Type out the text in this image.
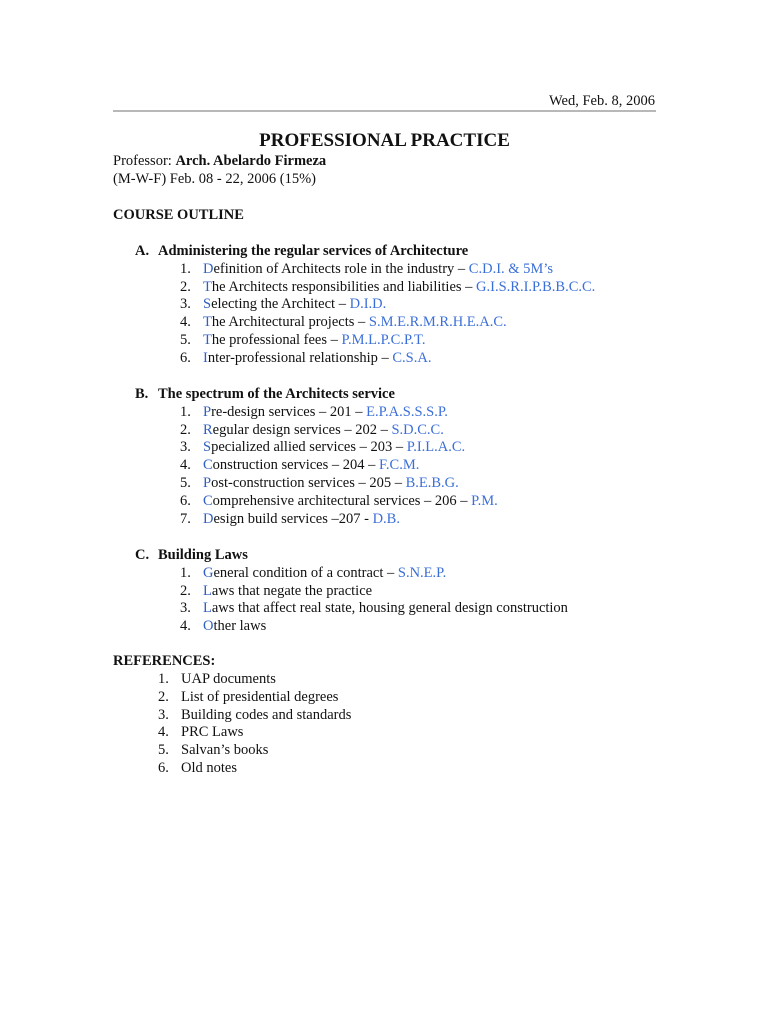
Wed, Feb. 8, 2006
PROFESSIONAL PRACTICE
Professor: Arch. Abelardo Firmeza
(M-W-F) Feb. 08 - 22, 2006 (15%)
COURSE OUTLINE
A. Administering the regular services of Architecture
1. Definition of Architects role in the industry – C.D.I. & 5M’s
2. The Architects responsibilities and liabilities – G.I.S.R.I.P.B.B.C.C.
3. Selecting the Architect – D.I.D.
4. The Architectural projects – S.M.E.R.M.R.H.E.A.C.
5. The professional fees – P.M.L.P.C.P.T.
6. Inter-professional relationship – C.S.A.
B. The spectrum of the Architects service
1. Pre-design services – 201 – E.P.A.S.S.S.P.
2. Regular design services – 202 – S.D.C.C.
3. Specialized allied services – 203 – P.I.L.A.C.
4. Construction services – 204 – F.C.M.
5. Post-construction services – 205 – B.E.B.G.
6. Comprehensive architectural services – 206 – P.M.
7. Design build services –207 - D.B.
C. Building Laws
1. General condition of a contract – S.N.E.P.
2. Laws that negate the practice
3. Laws that affect real state, housing general design construction
4. Other laws
REFERENCES:
1. UAP documents
2. List of presidential degrees
3. Building codes and standards
4. PRC Laws
5. Salvan’s books
6. Old notes
